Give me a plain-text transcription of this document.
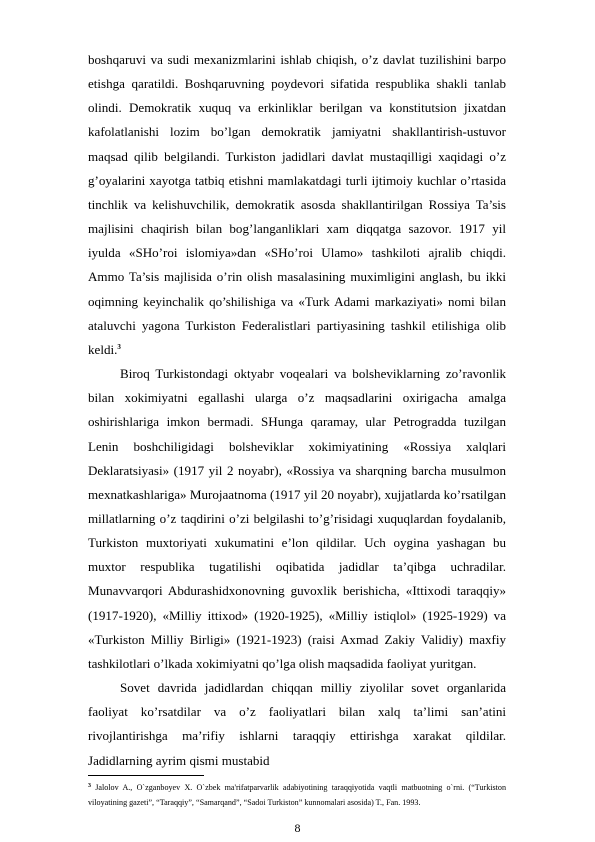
boshqaruvi va sudi mexanizmlarini ishlab chiqish, o’z davlat tuzilishini barpo etishga qaratildi. Boshqaruvning poydevori sifatida respublika shakli tanlab olindi. Demokratik xuquq va erkinliklar berilgan va konstitutsion jixatdan kafolatlanishi lozim bo’lgan demokratik jamiyatni shakllantirish-ustuvor maqsad qilib belgilandi. Turkiston jadidlari davlat mustaqilligi xaqidagi o’z g’oyalarini xayotga tatbiq etishni mamlakatdagi turli ijtimoiy kuchlar o’rtasida tinchlik va kelishuvchilik, demokratik asosda shakllantirilgan Rossiya Ta’sis majlisini chaqirish bilan bog’langanliklari xam diqqatga sazovor. 1917 yil iyulda «SHo’roi islomiya»dan «SHo’roi Ulamo» tashkiloti ajralib chiqdi. Ammo Ta’sis majlisida o’rin olish masalasining muximligini anglash, bu ikki oqimning keyinchalik qo’shilishiga va «Turk Adami markaziyati» nomi bilan ataluvchi yagona Turkiston Federalistlari partiyasining tashkil etilishiga olib keldi.$^3$

Biroq Turkistondagi oktyabr voqealari va bolsheviklarning zo’ravonlik bilan xokimiyatni egallashi ularga o’z maqsadlarini oxirigacha amalga oshirishlariga imkon bermadi. SHunga qaramay, ular Petrogradda tuzilgan Lenin boshchiligidagi bolsheviklar xokimiyatining «Rossiya xalqlari Deklaratsiyasi» (1917 yil 2 noyabr), «Rossiya va sharqning barcha musulmon mexnatkashlariga» Murojaatnoma (1917 yil 20 noyabr), xujjatlarda ko’rsatilgan millatlarning o’z taqdirini o’zi belgilashi to’g’risidagi xuquqlardan foydalanib, Turkiston muxtoriyati xukumatini e’lon qildilar. Uch oygina yashagan bu muxtor respublika tugatilishi oqibatida jadidlar ta’qibga uchradilar. Munavvarqori Abdurashidxonovning guvoxlik berishicha, «Ittixodi taraqqiy» (1917-1920), «Milliy ittixod» (1920-1925), «Milliy istiqlol» (1925-1929) va «Turkiston Milliy Birligi» (1921-1923) (raisi Axmad Zakiy Validiy) maxfiy tashkilotlari o’lkada xokimiyatni qo’lga olish maqsadida faoliyat yuritgan.

Sovet davrida jadidlardan chiqqan milliy ziyolilar sovet organlarida faoliyat ko’rsatdilar va o’z faoliyatlari bilan xalq ta’limi san’atini rivojlantirishga ma’rifiy ishlarni taraqqiy ettirishga xarakat qildilar. Jadidlarning ayrim qismi mustabid

$^3$ Jalolov A., O`zganboyev X. O`zbek ma'rifatparvarlik adabiyotining taraqqiyotida vaqtli matbuotning o`rni. (“Turkiston viloyatining gazeti”, “Taraqqiy”, “Samarqand”, “Sadoi Turkiston” kunnomalari asosida) T., Fan. 1993.

8
